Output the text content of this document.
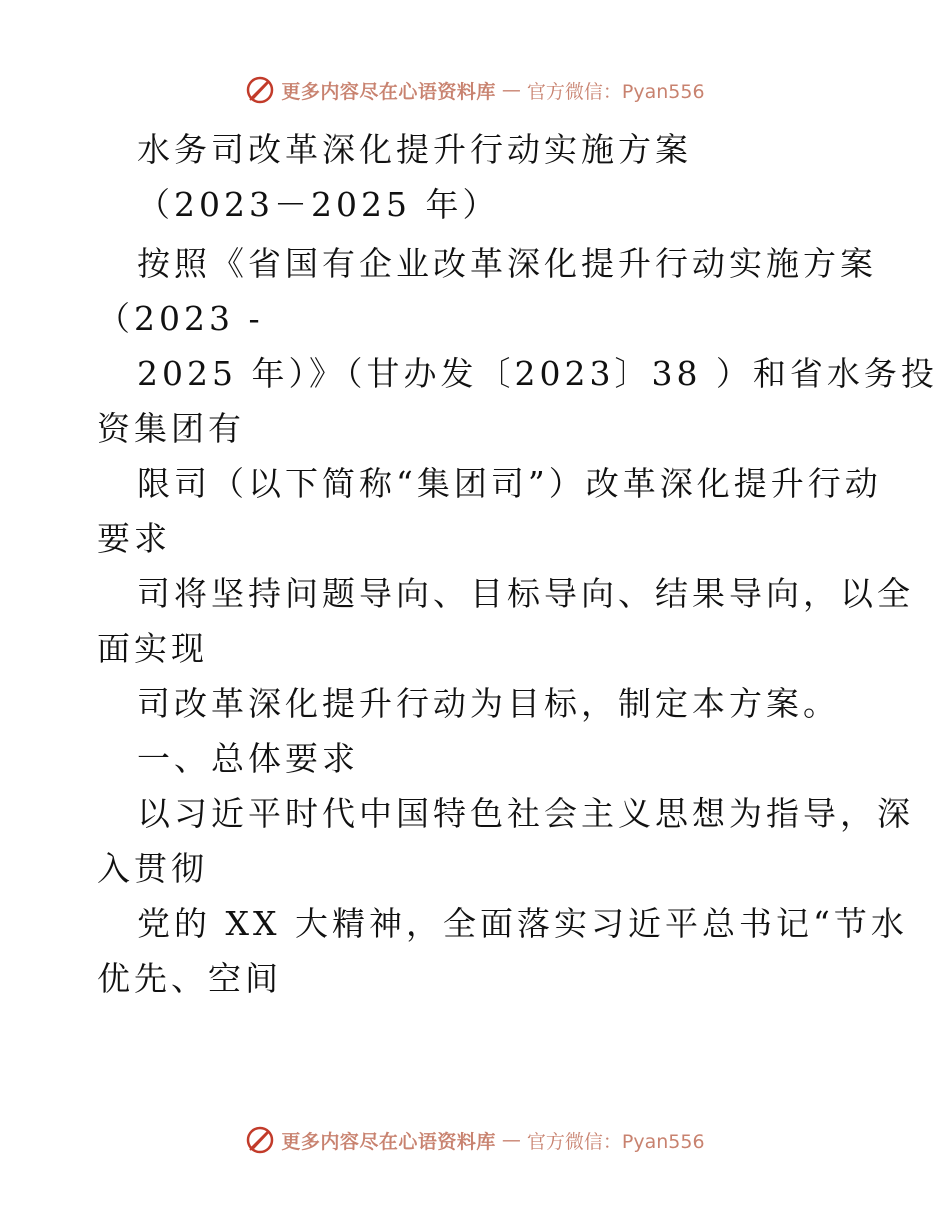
更多内容尽在心语资料库 — 官方微信：Pyan556
水务司改革深化提升行动实施方案
（2023－2025 年）
按照《省国有企业改革深化提升行动实施方案
（2023 -
2025 年）》（甘办发〔2023〕38 ）和省水务投
资集团有
限司（以下简称“集团司”）改革深化提升行动
要求
司将坚持问题导向、目标导向、结果导向，以全
面实现
司改革深化提升行动为目标，制定本方案。
一、总体要求
以习近平时代中国特色社会主义思想为指导，深
入贯彻
党的 XX 大精神，全面落实习近平总书记“节水
优先、空间
更多内容尽在心语资料库 — 官方微信：Pyan556
